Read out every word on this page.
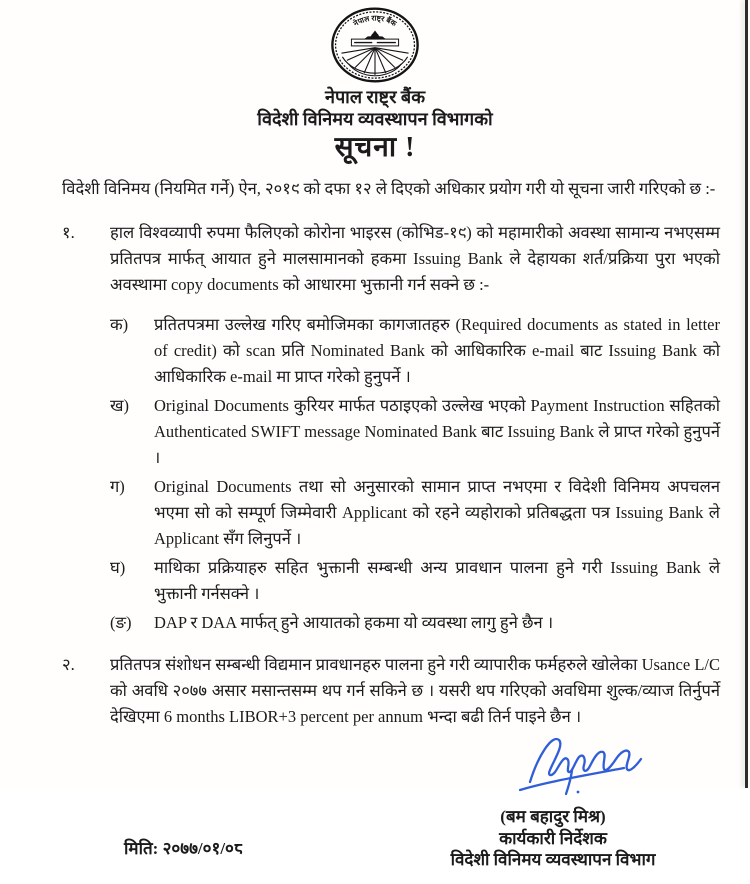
नेपाल राष्ट्र बैंक
नेपाल राष्ट्र बैंक
विदेशी विनिमय व्यवस्थापन विभागको
सूचना !

विदेशी विनिमय (नियमित गर्ने) ऐन, २०१९ को दफा १२ ले दिएको अधिकार प्रयोग गरी यो सूचना जारी गरिएको छ :-

१.	हाल विश्वव्यापी रुपमा फैलिएको कोरोना भाइरस (कोभिड-१९) को महामारीको अवस्था सामान्य नभएसम्म प्रतितपत्र मार्फत् आयात हुने मालसामानको हकमा Issuing Bank ले देहायका शर्त/प्रक्रिया पुरा भएको अवस्थामा copy documents को आधारमा भुक्तानी गर्न सक्ने छ :-
क)	प्रतितपत्रमा उल्लेख गरिए बमोजिमका कागजातहरु (Required documents as stated in letter of credit) को scan प्रति Nominated Bank को आधिकारिक e-mail बाट Issuing Bank को आधिकारिक e-mail मा प्राप्त गरेको हुनुपर्ने ।
ख)	Original Documents कुरियर मार्फत पठाइएको उल्लेख भएको Payment Instruction सहितको Authenticated SWIFT message Nominated Bank बाट Issuing Bank ले प्राप्त गरेको हुनुपर्ने ।
ग)	Original Documents तथा सो अनुसारको सामान प्राप्त नभएमा र विदेशी विनिमय अपचलन भएमा सो को सम्पूर्ण जिम्मेवारी Applicant को रहने व्यहोराको प्रतिबद्धता पत्र Issuing Bank ले Applicant सँग लिनुपर्ने ।
घ)	माथिका प्रक्रियाहरु सहित भुक्तानी सम्बन्धी अन्य प्रावधान पालना हुने गरी Issuing Bank ले भुक्तानी गर्नसक्ने ।
(ङ)	DAP र DAA मार्फत् हुने आयातको हकमा यो व्यवस्था लागु हुने छैन ।
२.	प्रतितपत्र संशोधन सम्बन्धी विद्यमान प्रावधानहरु पालना हुने गरी व्यापारीक फर्महरुले खोलेका Usance L/C को अवधि २०७७ असार मसान्तसम्म थप गर्न सकिने छ । यसरी थप गरिएको अवधिमा शुल्क/व्याज तिर्नुपर्ने देखिएमा 6 months LIBOR+3 percent per annum भन्दा बढी तिर्न पाइने छैन ।
(बम बहादुर मिश्र)
कार्यकारी निर्देशक
विदेशी विनिमय व्यवस्थापन विभाग
मिति: २०७७/०१/०८
